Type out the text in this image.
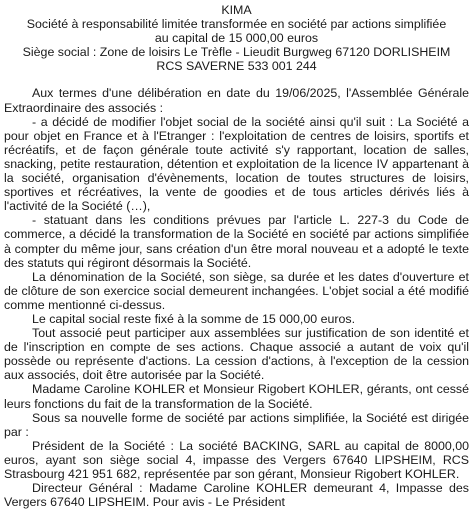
KIMA
Société à responsabilité limitée transformée en société par actions simplifiée
au capital de 15 000,00 euros
Siège social : Zone de loisirs Le Trèfle - Lieudit Burgweg 67120 DORLISHEIM
RCS SAVERNE 533 001 244
Aux termes d'une délibération en date du 19/06/2025, l'Assemblée Générale Extraordinaire des associés :
- a décidé de modifier l'objet social de la société ainsi qu'il suit : La Société a pour objet en France et à l'Etranger : l'exploitation de centres de loisirs, sportifs et récréatifs, et de façon générale toute activité s'y rapportant, location de salles, snacking, petite restauration, détention et exploitation de la licence IV appartenant à la société, organisation d'évènements, location de toutes structures de loisirs, sportives et récréatives, la vente de goodies et de tous articles dérivés liés à l'activité de la Société (…),
- statuant dans les conditions prévues par l'article L. 227-3 du Code de commerce, a décidé la transformation de la Société en société par actions simplifiée à compter du même jour, sans création d'un être moral nouveau et a adopté le texte des statuts qui régiront désormais la Société.
La dénomination de la Société, son siège, sa durée et les dates d'ouverture et de clôture de son exercice social demeurent inchangées. L'objet social a été modifié comme mentionné ci-dessus.
Le capital social reste fixé à la somme de 15 000,00 euros.
Tout associé peut participer aux assemblées sur justification de son identité et de l'inscription en compte de ses actions. Chaque associé a autant de voix qu'il possède ou représente d'actions. La cession d'actions, à l'exception de la cession aux associés, doit être autorisée par la Société.
Madame Caroline KOHLER et Monsieur Rigobert KOHLER, gérants, ont cessé leurs fonctions du fait de la transformation de la Société.
Sous sa nouvelle forme de société par actions simplifiée, la Société est dirigée par :
Président de la Société : La société BACKING, SARL au capital de 8000,00 euros, ayant son siège social 4, impasse des Vergers 67640 LIPSHEIM, RCS Strasbourg 421 951 682, représentée par son gérant, Monsieur Rigobert KOHLER.
Directeur Général : Madame Caroline KOHLER demeurant 4, Impasse des Vergers 67640 LIPSHEIM. Pour avis - Le Président
